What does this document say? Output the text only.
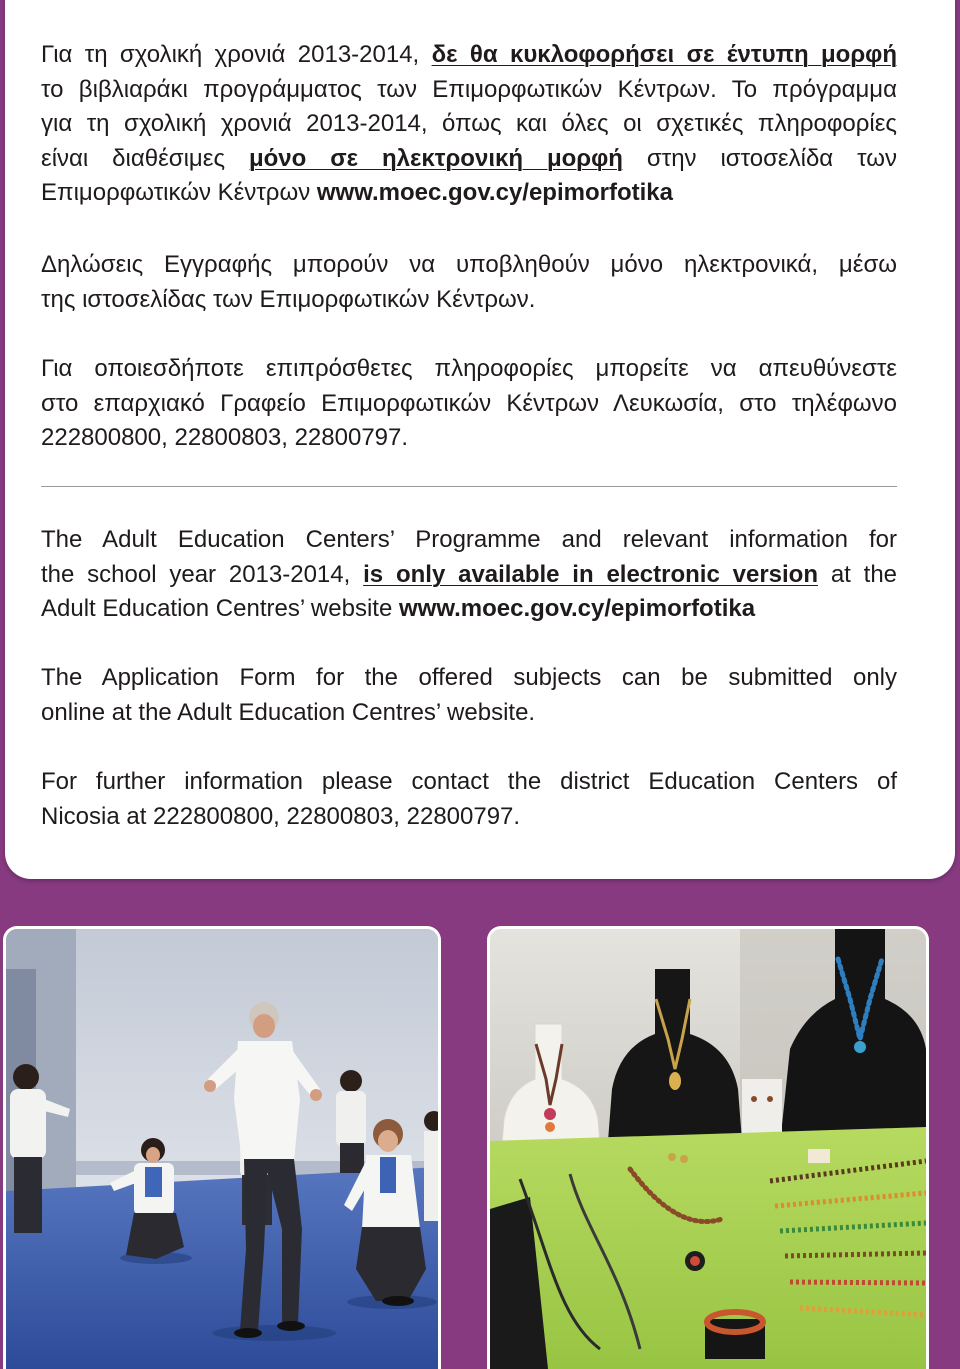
Για τη σχολική χρονιά 2013-2014, δε θα κυκλοφορήσει σε έντυπη μορφή
το βιβλιαράκι προγράμματος των Επιμορφωτικών Κέντρων. Το πρόγραμμα
για τη σχολική χρονιά 2013-2014, όπως και όλες οι σχετικές πληροφορίες
είναι διαθέσιμες μόνο σε ηλεκτρονική μορφή στην ιστοσελίδα των
Επιμορφωτικών Κέντρων www.moec.gov.cy/epimorfotika
Δηλώσεις Εγγραφής μπορούν να υποβληθούν μόνο ηλεκτρονικά, μέσω
της ιστοσελίδας των Επιμορφωτικών Κέντρων.
Για οποιεσδήποτε επιπρόσθετες πληροφορίες μπορείτε να απευθύνεστε
στο επαρχιακό Γραφείο Επιμορφωτικών Κέντρων Λευκωσία, στο τηλέφωνο
222800800, 22800803, 22800797.
The Adult Education Centers’ Programme and relevant information for
the school year 2013-2014, is only available in electronic version at the
Adult Education Centres’ website www.moec.gov.cy/epimorfotika
The Application Form for the offered subjects can be submitted only
online at the Adult Education Centres’ website.
For further information please contact the district Education Centers of
Nicosia at 222800800, 22800803, 22800797.
